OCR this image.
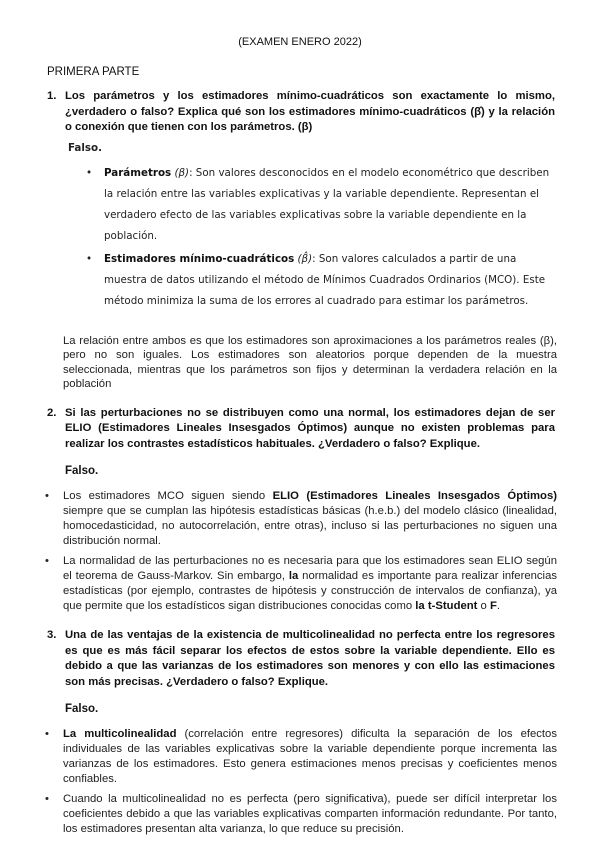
(EXAMEN ENERO 2022)
PRIMERA PARTE
1. Los parámetros y los estimadores mínimo-cuadráticos son exactamente lo mismo, ¿verdadero o falso? Explica qué son los estimadores mínimo-cuadráticos (β̂) y la relación o conexión que tienen con los parámetros. (β)
Falso.
•	Parámetros (β): Son valores desconocidos en el modelo econométrico que describen la relación entre las variables explicativas y la variable dependiente. Representan el verdadero efecto de las variables explicativas sobre la variable dependiente en la población.
•	Estimadores mínimo-cuadráticos (β̂): Son valores calculados a partir de una muestra de datos utilizando el método de Mínimos Cuadrados Ordinarios (MCO). Este método minimiza la suma de los errores al cuadrado para estimar los parámetros.
La relación entre ambos es que los estimadores son aproximaciones a los parámetros reales (β), pero no son iguales. Los estimadores son aleatorios porque dependen de la muestra seleccionada, mientras que los parámetros son fijos y determinan la verdadera relación en la población
2. Si las perturbaciones no se distribuyen como una normal, los estimadores dejan de ser ELIO (Estimadores Lineales Insesgados Óptimos) aunque no existen problemas para realizar los contrastes estadísticos habituales. ¿Verdadero o falso? Explique.
Falso.
•	Los estimadores MCO siguen siendo ELIO (Estimadores Lineales Insesgados Óptimos) siempre que se cumplan las hipótesis estadísticas básicas (h.e.b.) del modelo clásico (linealidad, homocedasticidad, no autocorrelación, entre otras), incluso si las perturbaciones no siguen una distribución normal.
•	La normalidad de las perturbaciones no es necesaria para que los estimadores sean ELIO según el teorema de Gauss-Markov. Sin embargo, la normalidad es importante para realizar inferencias estadísticas (por ejemplo, contrastes de hipótesis y construcción de intervalos de confianza), ya que permite que los estadísticos sigan distribuciones conocidas como la t-Student o F.
3. Una de las ventajas de la existencia de multicolinealidad no perfecta entre los regresores es que es más fácil separar los efectos de estos sobre la variable dependiente. Ello es debido a que las varianzas de los estimadores son menores y con ello las estimaciones son más precisas. ¿Verdadero o falso? Explique.
Falso.
•	La multicolinealidad (correlación entre regresores) dificulta la separación de los efectos individuales de las variables explicativas sobre la variable dependiente porque incrementa las varianzas de los estimadores. Esto genera estimaciones menos precisas y coeficientes menos confiables.
•	Cuando la multicolinealidad no es perfecta (pero significativa), puede ser difícil interpretar los coeficientes debido a que las variables explicativas comparten información redundante. Por tanto, los estimadores presentan alta varianza, lo que reduce su precisión.
